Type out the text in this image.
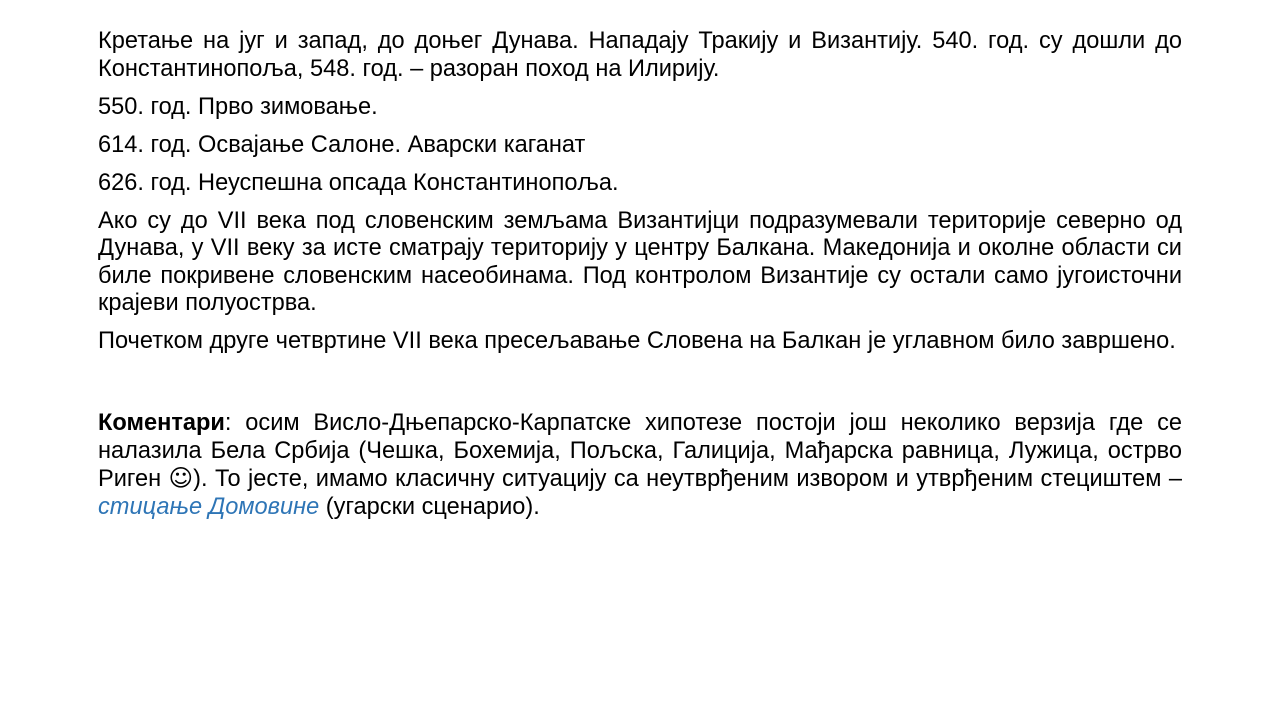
Кретање на југ и запад, до доњег Дунава. Нападају Тракију и Византију. 540. год. су дошли до Константинопоља, 548. год. – разоран поход на Илирију.

550. год. Прво зимовање.

614. год. Освајање Салоне. Аварски каганат

626. год. Неуспешна опсада Константинопоља.

Ако су до VII века под словенским земљама Византијци подразумевали територије северно од Дунава, у VII веку за исте сматрају територију у центру Балкана. Македонија и околне области си биле покривене словенским насеобинама. Под контролом Византије су остали само југоисточни крајеви полуострва.

Почетком друге четвртине VII века пресељавање Словена на Балкан је углавном било завршено.

Коментари: осим Висло-Дњепарско-Карпатске хипотезе постоји још неколико верзија где се налазила Бела Србија (Чешка, Бохемија, Пољска, Галиција, Мађарска равница, Лужица, острво Риген ☺). То јесте, имамо класичну ситуацију са неутврђеним извором и утврђеним стециштем – стицање Домовине (угарски сценарио).
